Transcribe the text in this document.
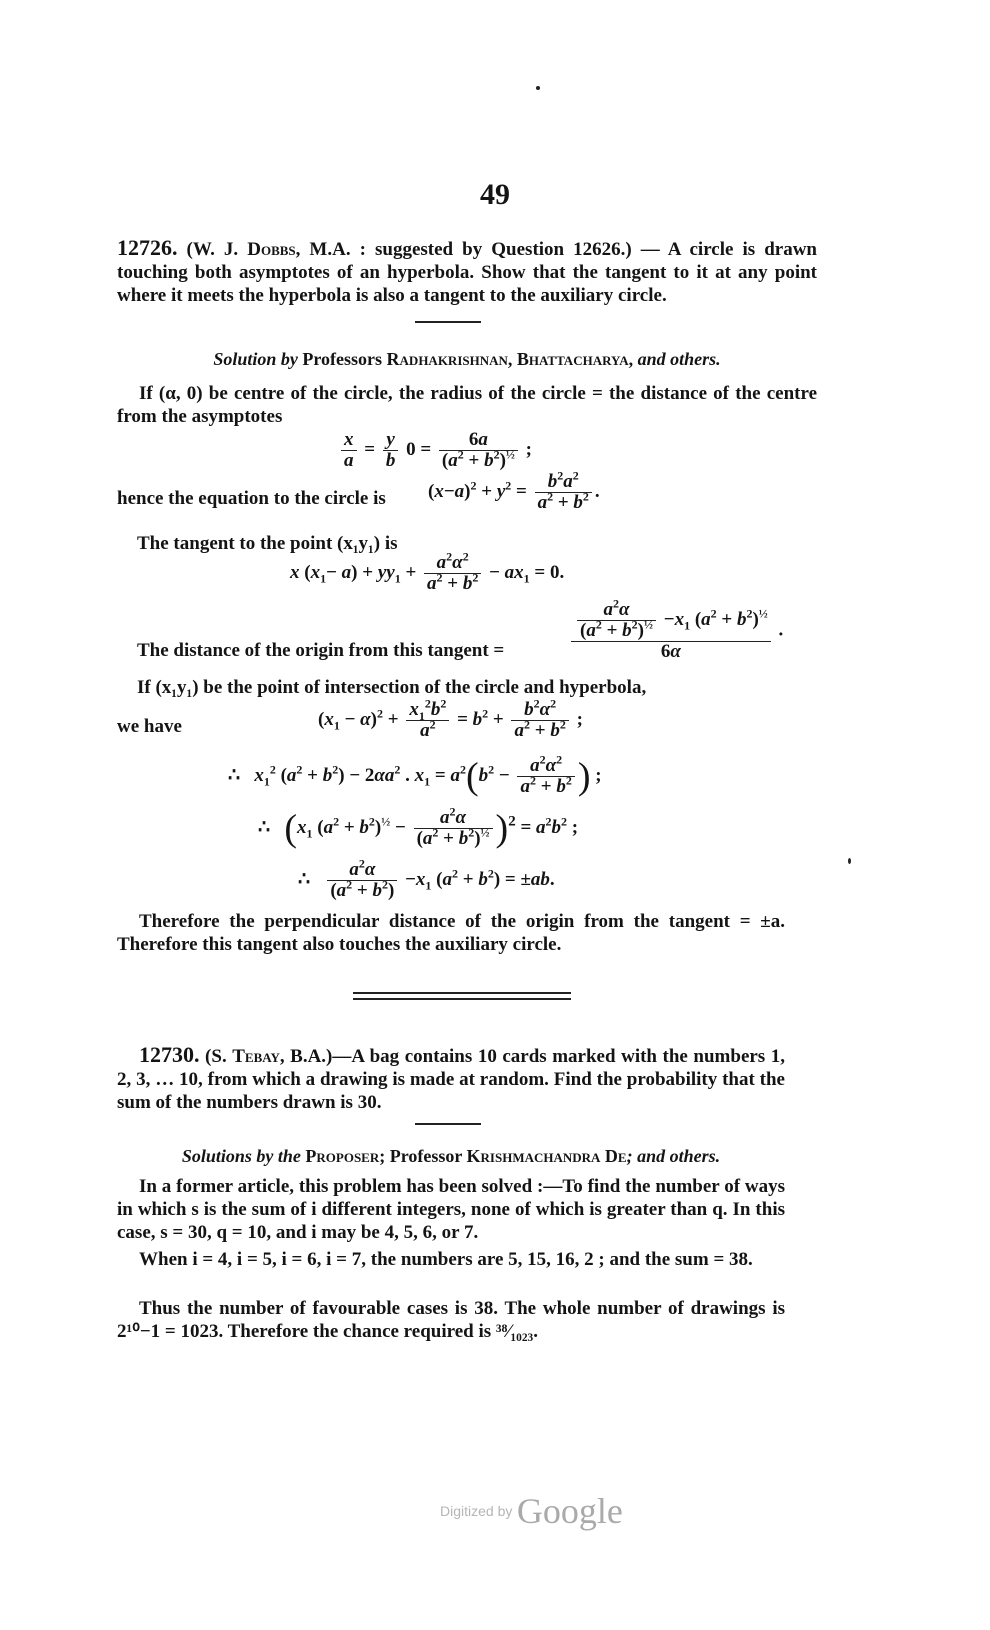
49
12726. (W. J. Dobbs, M.A. : suggested by Question 12626.) — A circle is drawn touching both asymptotes of an hyperbola. Show that the tangent to it at any point where it meets the hyperbola is also a tangent to the auxiliary circle.
Solution by Professors Radhakrishnan, Bhattacharya, and others.
If (α, 0) be centre of the circle, the radius of the circle = the distance of the centre from the asymptotes
$\frac{x}{a} = \frac{y}{b} 0 = \frac{6a}{(a^2 + b^2)^{\frac{1}{2}}}$ ;
hence the equation to the circle is	$(x-a)^2 + y^2 = \frac{b^2a^2}{a^2 + b^2}$ .
The tangent to the point (x₁y₁) is
x $(x_1- a) + yy_1 + \frac{a^2\alpha^2}{a^2 + b^2} - ax_1 = 0$.
The distance of the origin from this tangent =	$\frac{\frac{a^2\alpha}{(a^2 + b^2)^{\frac{1}{2}}} -x_1 (a^2 + b^2)^{\frac{1}{2}}}{6\alpha}$ .
If (x₁y₁) be the point of intersection of the circle and hyperbola,
we have	$(x_1 - \alpha)^2 + \frac{x_1^2b^2}{a^2} = b^2 + \frac{b^2\alpha^2}{a^2 + b^2}$ ;
∴   $x_1^2$ $(a^2 + b^2) - 2\alpha a^2$ . $x_1 = a^2(b^2 - \frac{a^2\alpha^2}{a^2 + b^2}$ ) ;
∴   ($x_1$ $(a^2 + b^2)^{\frac{1}{2}} - \frac{a^2\alpha}{(a^2 + b^2)^{\frac{1}{2}}} )^2 = a^2b^2$ ;
∴ $\frac{a^2\alpha}{(a^2 + b^2)} -x_1$ $(a^2 + b^2) = \pm ab$.
Therefore the perpendicular distance of the origin from the tangent = ±a. Therefore this tangent also touches the auxiliary circle.
12730. (S. Tebay, B.A.)—A bag contains 10 cards marked with the numbers 1, 2, 3, … 10, from which a drawing is made at random. Find the probability that the sum of the numbers drawn is 30.
Solutions by the Proposer; Professor Krishmachandra De; and others.
In a former article, this problem has been solved :—To find the number of ways in which s is the sum of i different integers, none of which is greater than q. In this case, s = 30, q = 10, and i may be 4, 5, 6, or 7.
When i = 4, i = 5, i = 6, i = 7, the numbers are 5, 15, 16, 2 ; and the sum = 38.
Thus the number of favourable cases is 38. The whole number of drawings is 2¹⁰−1 = 1023. Therefore the chance required is ³⁸⁄₁₀₂₃.
Digitized by Google
